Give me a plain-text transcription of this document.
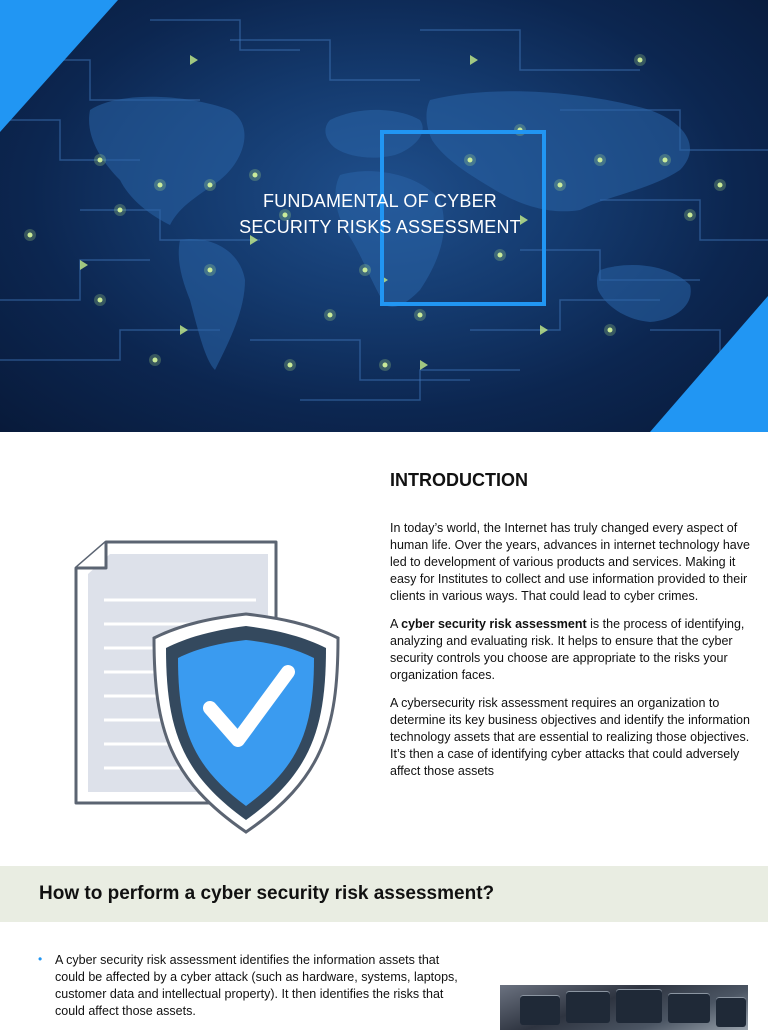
FUNDAMENTAL OF CYBER
SECURITY RISKS ASSESSMENT
INTRODUCTION

In today’s world, the Internet has truly changed every aspect of human life. Over the years, advances in internet technology have led to development of various products and services. Making it easy for Institutes to collect and use information provided to their clients in various ways. That could lead to cyber crimes.

A cyber security risk assessment is the process of identifying, analyzing and evaluating risk. It helps to ensure that the cyber security controls you choose are appropriate to the risks your organization faces.

A cybersecurity risk assessment requires an organization to determine its key business objectives and identify the information technology assets that are essential to realizing those objectives. It’s then a case of identifying cyber attacks that could adversely affect those assets

How to perform a cyber security risk assessment?
• A cyber security risk assessment identifies the information assets that could be affected by a cyber attack (such as hardware, systems, laptops, customer data and intellectual property). It then identifies the risks that could affect those assets.
